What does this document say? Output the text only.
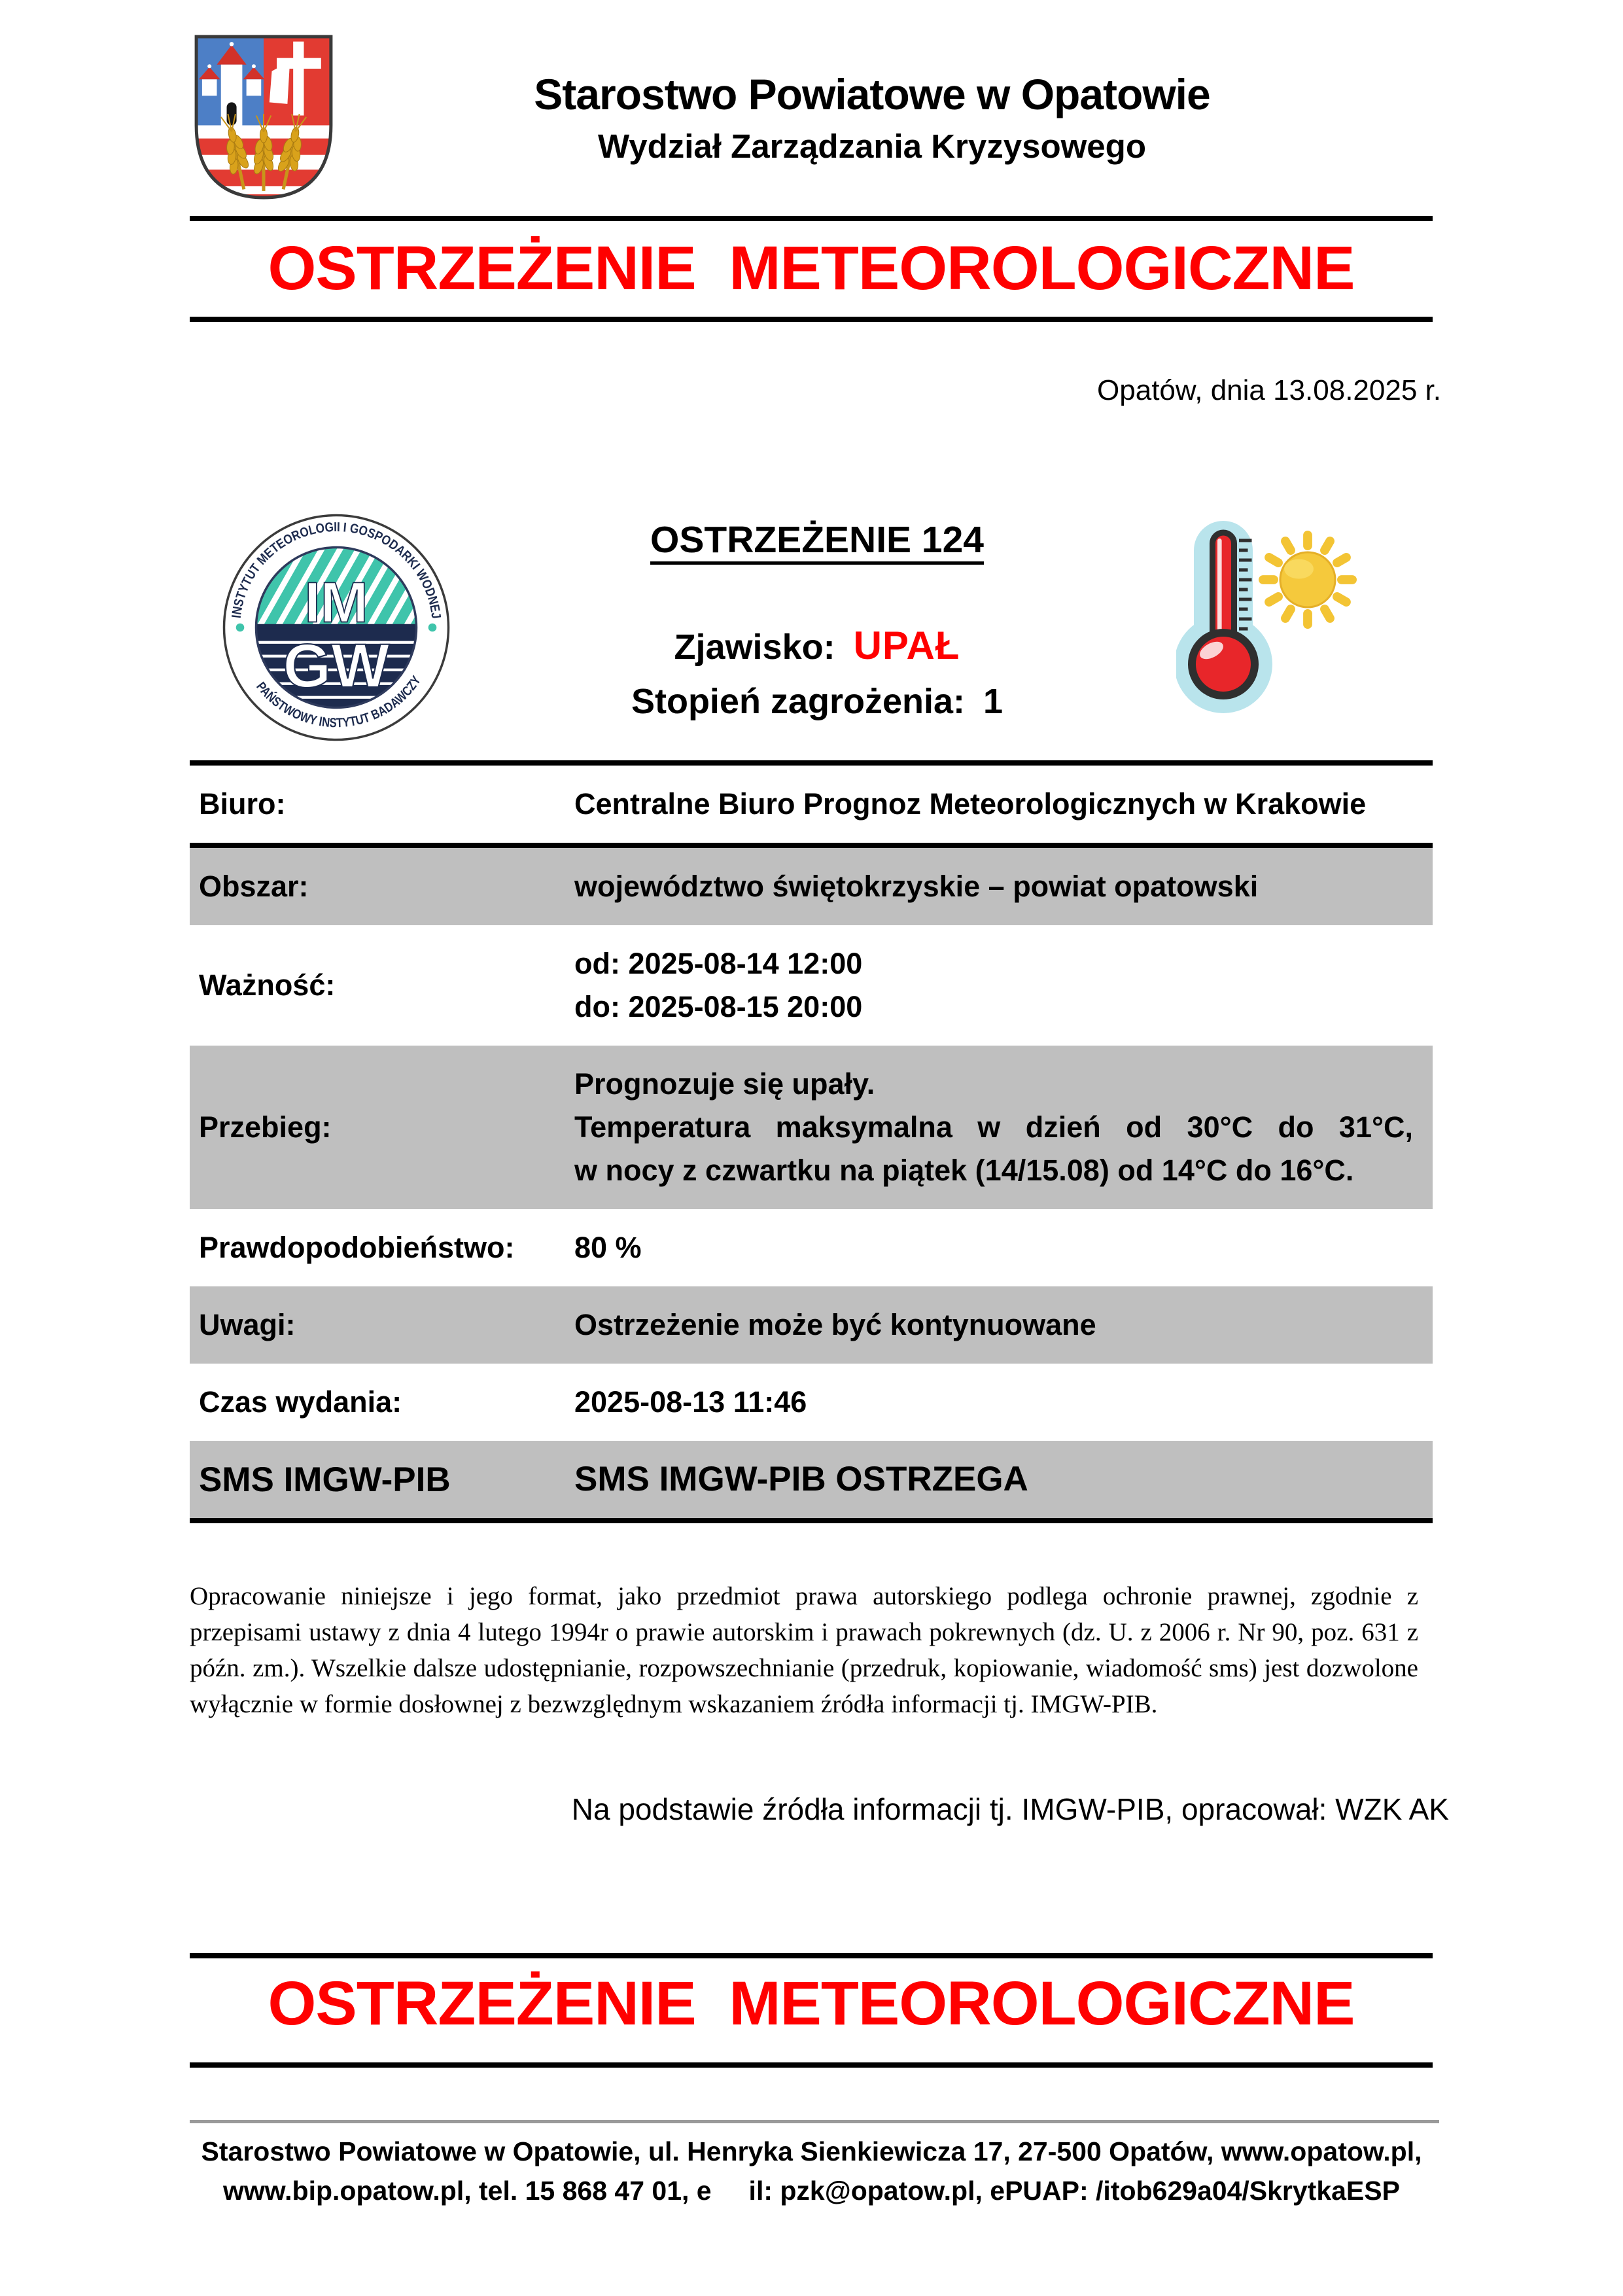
Starostwo Powiatowe w Opatowie
Wydział Zarządzania Kryzysowego
OSTRZEŻENIE  METEOROLOGICZNE
Opatów, dnia 13.08.2025 r.
INSTYTUT METEOROLOGII I GOSPODARKI WODNEJ
PAŃSTWOWY INSTYTUT BADAWCZY
IM
GW
OSTRZEŻENIE 124
Zjawisko: UPAŁ
Stopień zagrożenia: 1
Biuro:	Centralne Biuro Prognoz Meteorologicznych w Krakowie
Obszar:	województwo świętokrzyskie – powiat opatowski
Ważność:
od: 2025-08-14 12:00
do: 2025-08-15 20:00
Przebieg:
Prognozuje się upały.
Temperatura maksymalna w dzień od 30°C do 31°C,
w nocy z czwartku na piątek (14/15.08) od 14°C do 16°C.
Prawdopodobieństwo:	80 %
Uwagi:	Ostrzeżenie może być kontynuowane
Czas wydania:	2025-08-13 11:46
SMS IMGW-PIB	SMS IMGW-PIB OSTRZEGA
Opracowanie niniejsze i jego format, jako przedmiot prawa autorskiego podlega ochronie prawnej, zgodnie z przepisami ustawy z dnia 4 lutego 1994r o prawie autorskim i prawach pokrewnych (dz. U. z 2006 r. Nr 90, poz. 631 z późn. zm.). Wszelkie dalsze udostępnianie, rozpowszechnianie (przedruk, kopiowanie, wiadomość sms) jest dozwolone wyłącznie w formie dosłownej z bezwzględnym wskazaniem źródła informacji tj. IMGW-PIB.
Na podstawie źródła informacji tj. IMGW-PIB, opracował: WZK AK
OSTRZEŻENIE  METEOROLOGICZNE
Starostwo Powiatowe w Opatowie, ul. Henryka Sienkiewicza 17, 27-500 Opatów, www.opatow.pl,
www.bip.opatow.pl, tel. 15 868 47 01, e     il: pzk@opatow.pl, ePUAP: /itob629a04/SkrytkaESP
